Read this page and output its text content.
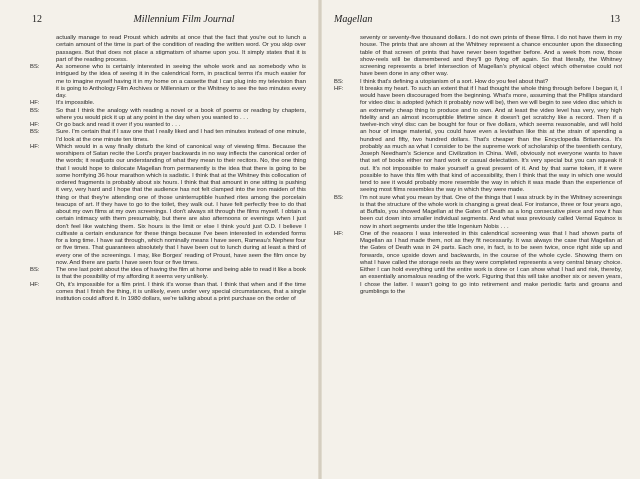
12	Millennium Film Journal

actually manage to read Proust which admits at once that the fact that you're out to lunch a certain amount of the time is part of the condition of reading the written word. Or you skip over passages. But that does not place a stigmatism of shame upon you. It simply states that it is part of the reading process.

BS:	As someone who is certainly interested in seeing the whole work and as somebody who is intrigued by the idea of seeing it in the calendrical form, in practical terms it's much easier for me to imagine myself having it in my home on a cassette that I can plug into my television than it is going to Anthology Film Archives or Millennium or the Whitney to see the two minutes every day.

HF:	It's impossible.

BS:	So that I think the analogy with reading a novel or a book of poems or reading by chapters, where you would pick it up at any point in the day when you wanted to . . .

HF:	Or go back and read it over if you wanted to . . .

BS:	Sure. I'm certain that if I saw one that I really liked and I had ten minutes instead of one minute, I'd look at the one minute ten times.

HF:	Which would in a way finally disturb the kind of canonical way of viewing films. Because the worshipers of Satan recite the Lord's prayer backwards in no way inflects the canonical order of the words; it readjusts our understanding of what they mean to their recitors. No, the one thing that I would hope to dislocate Magellan from permanently is the idea that there is going to be some horrifying 36 hour marathon which is sadistic. I think that at the Whitney this collocation of ordered fragments is probably about six hours. I think that that amount in one sitting is pushing it very, very hard and I hope that the audience has not felt clamped into the iron maiden of this thing or that they're attending one of those uninterruptible hushed rites among the porcelain teacups of art. If they have to go to the toilet, they walk out. I have felt perfectly free to do that about my own films at my own screenings. I don't always sit through the films myself. I obtain a certain intimacy with them presumably, but there are also afternoons or evenings when I just don't feel like watching them. Six hours is the limit or else I think you'd just O.D. I believe I cultivate a certain endurance for these things because I've been interested in extended forms for a long time. I have sat through, which nominally means I have seen, Rameau's Nephew four or five times. That guarantees absolutely that I have been out to lunch during at least a third of every one of the screenings. I may, like Borges' reading of Proust, have seen the film once by now. And there are parts I have seen four or five times.

BS:	The one last point about the idea of having the film at home and being able to read it like a book is that the possibility of my affording it seems very unlikely.

HF:	Oh, it's impossible for a film print. I think it's worse than that. I think that when and if the time comes that I finish the thing, it is unlikely, even under very special circumstances, that a single institution could afford it. In 1980 dollars, we're talking about a print purchase on the order of

Magellan	13

seventy or seventy-five thousand dollars. I do not own prints of these films. I do not have them in my house. The prints that are shown at the Whitney represent a chance encounter upon the dissecting table of that screen of prints that have never been together before. And a week from now, those show-reels will be dismembered and they'll go flying off again. So that literally, the Whitney screening represents a brief intersection of Magellan's physical object which otherwise could not have been done in any other way.

BS:	I think that's defining a utopianism of a sort. How do you feel about that?

HF:	It breaks my heart. To such an extent that if I had thought the whole thing through before I began it, I would have been discouraged from the beginning. What's more, assuming that the Phillips standard for video disc is adopted (which it probably now will be), then we will begin to see video disc which is an extremely cheap thing to produce and to own. And at least the video level has very, very high fidelity and an almost incorruptible lifetime since it doesn't get scratchy like a record. Then if a twelve-inch vinyl disc can be bought for four or five dollars, which seems reasonable, and will hold an hour of image material, you could have even a leviathan like this at the strain of spending a hundred and fifty, two hundred dollars. That's cheaper than the Encyclopedia Britannica. It's probably as much as what I consider to be the supreme work of scholarship of the twentieth century, Joseph Needham's Science and Civilization in China. Well, obviously not everyone wants to have that set of books either nor hard work or casual delectation. It's very special but you can squeak it out. It's not impossible to make yourself a great present of it. And by that same token, if it were possible to have this film with that kind of accessibility, then I think that the way in which one would tend to see it would probably more resemble the way in which it was made than the experience of seeing most films resembles the way in which they were made.

BS:	I'm not sure what you mean by that. One of the things that I was struck by in the Whitney screenings is that the structure of the whole work is changing a great deal. For instance, three or four years ago, at Buffalo, you showed Magellan at the Gates of Death as a long consecutive piece and now it has been cut down into smaller individual segments. And what was previously called Vernal Equinox is now in short segments under the title Ingenium Nobis . . .

HF:	One of the reasons I was interested in this calendrical screening was that I had shown parts of Magellan as I had made them, not as they fit necessarily. It was always the case that Magellan at the Gates of Death was in 24 parts. Each one, in fact, is to be seen twice, once right side up and forwards, once upside down and backwards, in the course of the whole cycle. Showing them on what I have called the storage reels as they were completed represents a very central binary choice. Either I can hold everything until the entire work is done or I can show what I had and risk, thereby, an essentially anomalous reading of the work. Figuring that this will take another six or seven years, I chose the latter. I wasn't going to go into retirement and make periodic farts and groans and grumblings to the
